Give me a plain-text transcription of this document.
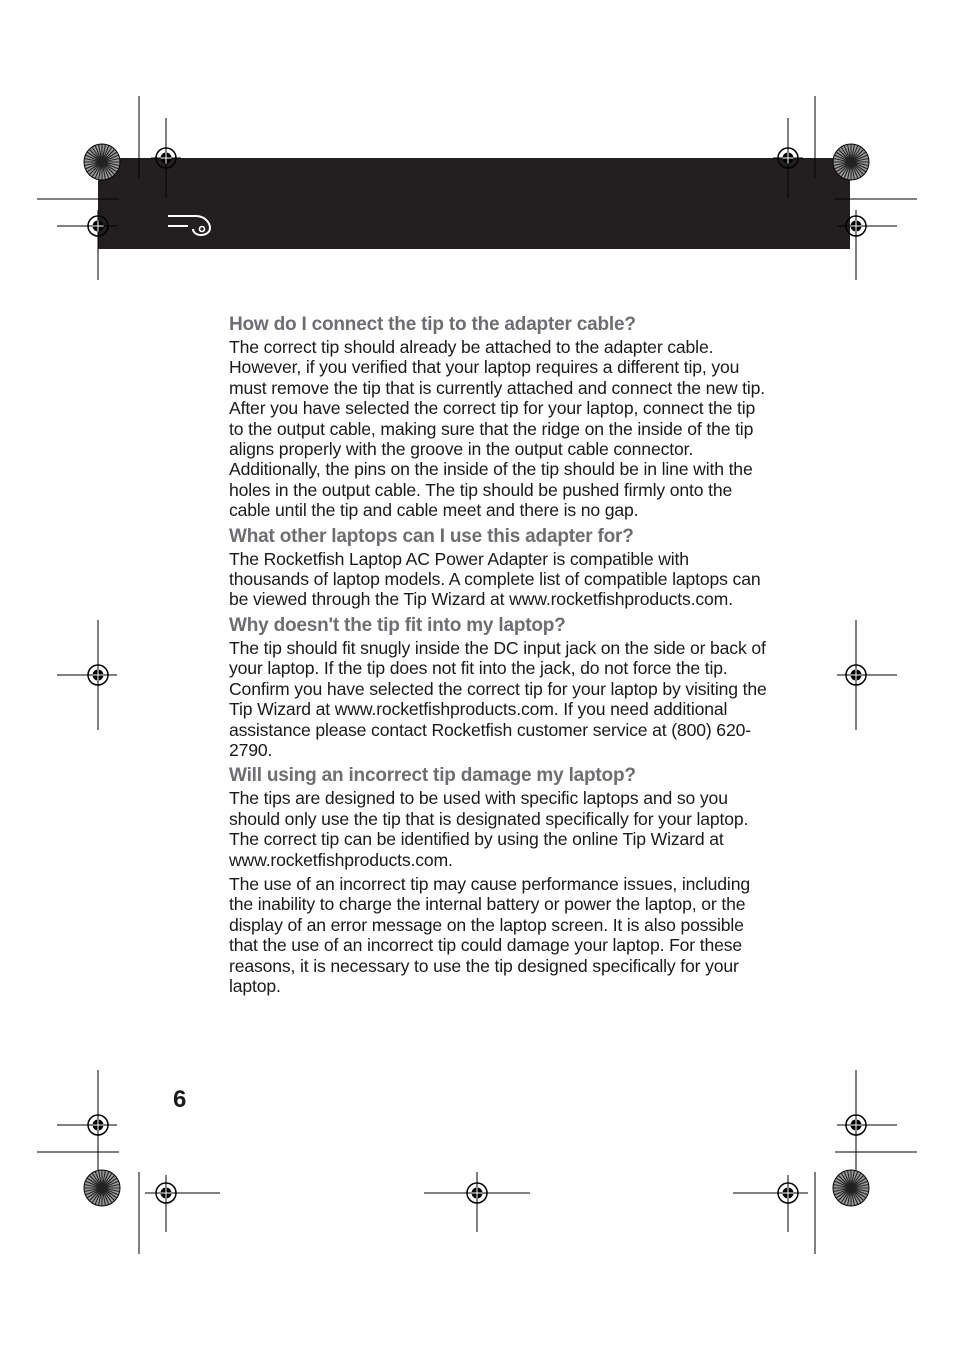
How do I connect the tip to the adapter cable?

The correct tip should already be attached to the adapter cable. However, if you verified that your laptop requires a different tip, you must remove the tip that is currently attached and connect the new tip. After you have selected the correct tip for your laptop, connect the tip to the output cable, making sure that the ridge on the inside of the tip aligns properly with the groove in the output cable connector. Additionally, the pins on the inside of the tip should be in line with the holes in the output cable. The tip should be pushed firmly onto the cable until the tip and cable meet and there is no gap.

What other laptops can I use this adapter for?

The Rocketfish Laptop AC Power Adapter is compatible with thousands of laptop models. A complete list of compatible laptops can be viewed through the Tip Wizard at www.rocketfishproducts.com.

Why doesn't the tip fit into my laptop?

The tip should fit snugly inside the DC input jack on the side or back of your laptop. If the tip does not fit into the jack, do not force the tip. Confirm you have selected the correct tip for your laptop by visiting the Tip Wizard at www.rocketfishproducts.com. If you need additional assistance please contact Rocketfish customer service at (800) 620-2790.

Will using an incorrect tip damage my laptop?

The tips are designed to be used with specific laptops and so you should only use the tip that is designated specifically for your laptop. The correct tip can be identified by using the online Tip Wizard at www.rocketfishproducts.com.

The use of an incorrect tip may cause performance issues, including the inability to charge the internal battery or power the laptop, or the display of an error message on the laptop screen. It is also possible that the use of an incorrect tip could damage your laptop. For these reasons, it is necessary to use the tip designed specifically for your laptop.

6
